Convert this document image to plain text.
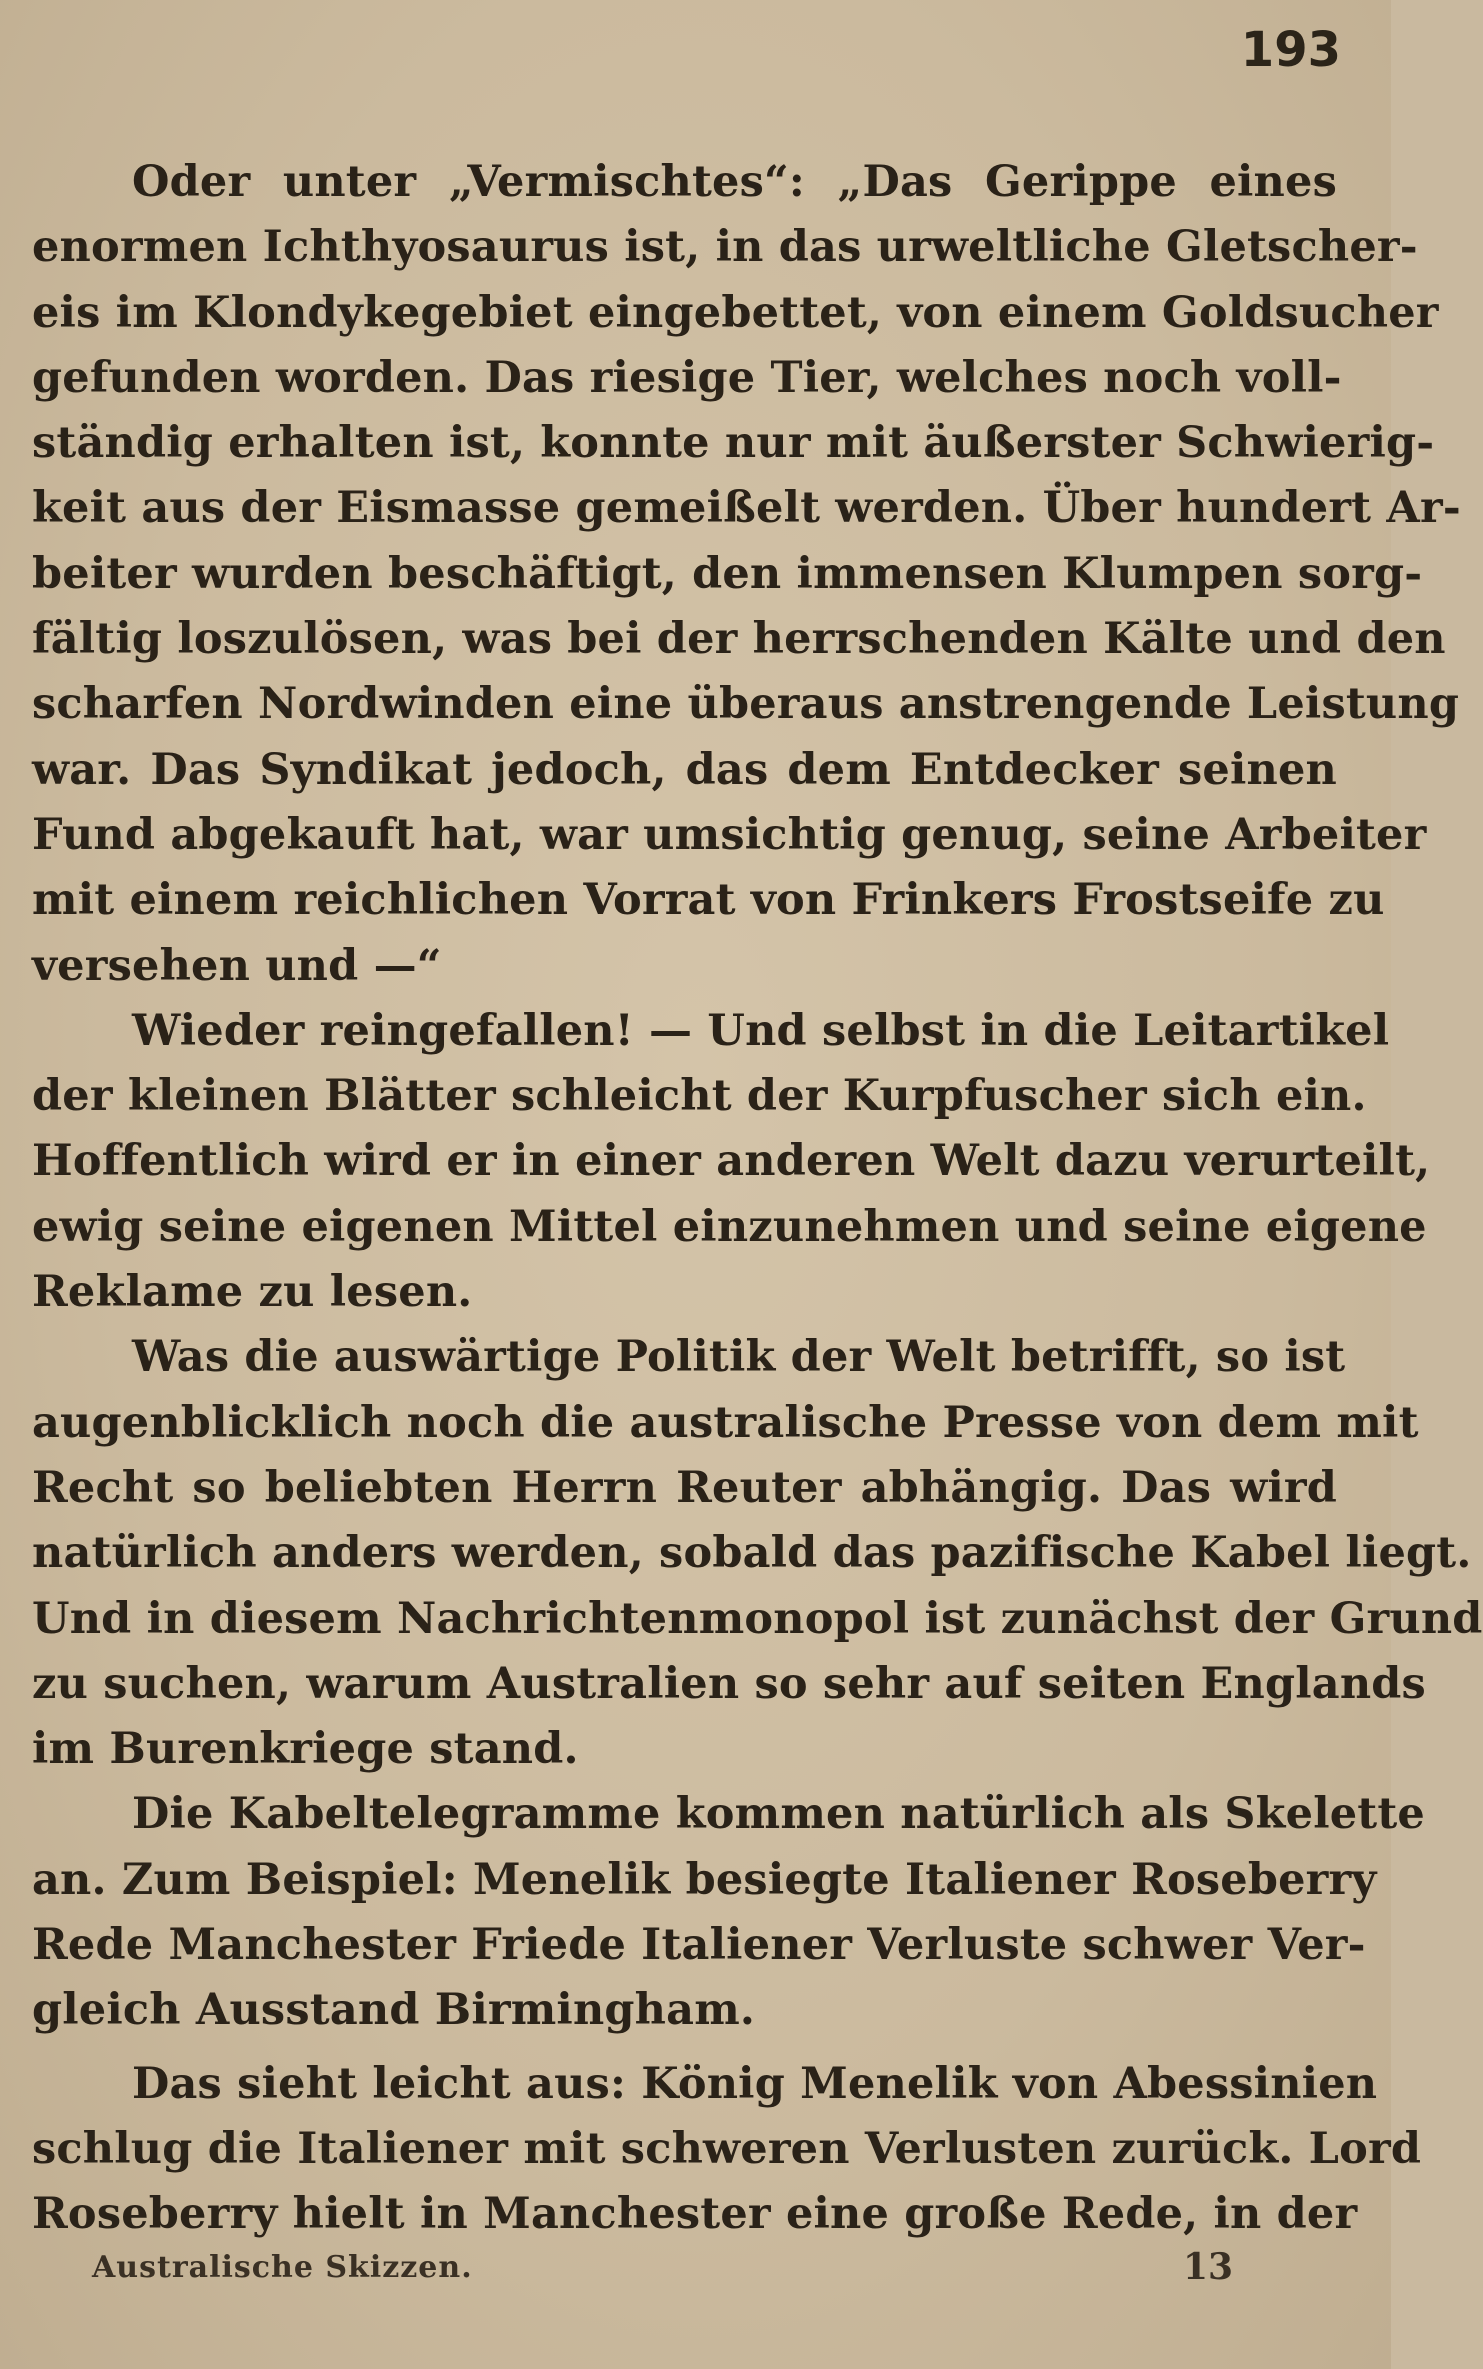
193
Oder unter „Vermischtes“: „Das Gerippe eines
enormen Ichthyosaurus ist, in das urweltliche Gletscher-
eis im Klondykegebiet eingebettet, von einem Goldsucher
gefunden worden. Das riesige Tier, welches noch voll-
ständig erhalten ist, konnte nur mit äußerster Schwierig-
keit aus der Eismasse gemeißelt werden. Über hundert Ar-
beiter wurden beschäftigt, den immensen Klumpen sorg-
fältig loszulösen, was bei der herrschenden Kälte und den
scharfen Nordwinden eine überaus anstrengende Leistung
war. Das Syndikat jedoch, das dem Entdecker seinen
Fund abgekauft hat, war umsichtig genug, seine Arbeiter
mit einem reichlichen Vorrat von Frinkers Frostseife zu
versehen und —“
Wieder reingefallen! — Und selbst in die Leitartikel
der kleinen Blätter schleicht der Kurpfuscher sich ein.
Hoffentlich wird er in einer anderen Welt dazu verurteilt,
ewig seine eigenen Mittel einzunehmen und seine eigene
Reklame zu lesen.
Was die auswärtige Politik der Welt betrifft, so ist
augenblicklich noch die australische Presse von dem mit
Recht so beliebten Herrn Reuter abhängig. Das wird
natürlich anders werden, sobald das pazifische Kabel liegt.
Und in diesem Nachrichtenmonopol ist zunächst der Grund
zu suchen, warum Australien so sehr auf seiten Englands
im Burenkriege stand.
Die Kabeltelegramme kommen natürlich als Skelette
an. Zum Beispiel: Menelik besiegte Italiener Roseberry
Rede Manchester Friede Italiener Verluste schwer Ver-
gleich Ausstand Birmingham.
Das sieht leicht aus: König Menelik von Abessinien
schlug die Italiener mit schweren Verlusten zurück. Lord
Roseberry hielt in Manchester eine große Rede, in der
Australische Skizzen.	13
